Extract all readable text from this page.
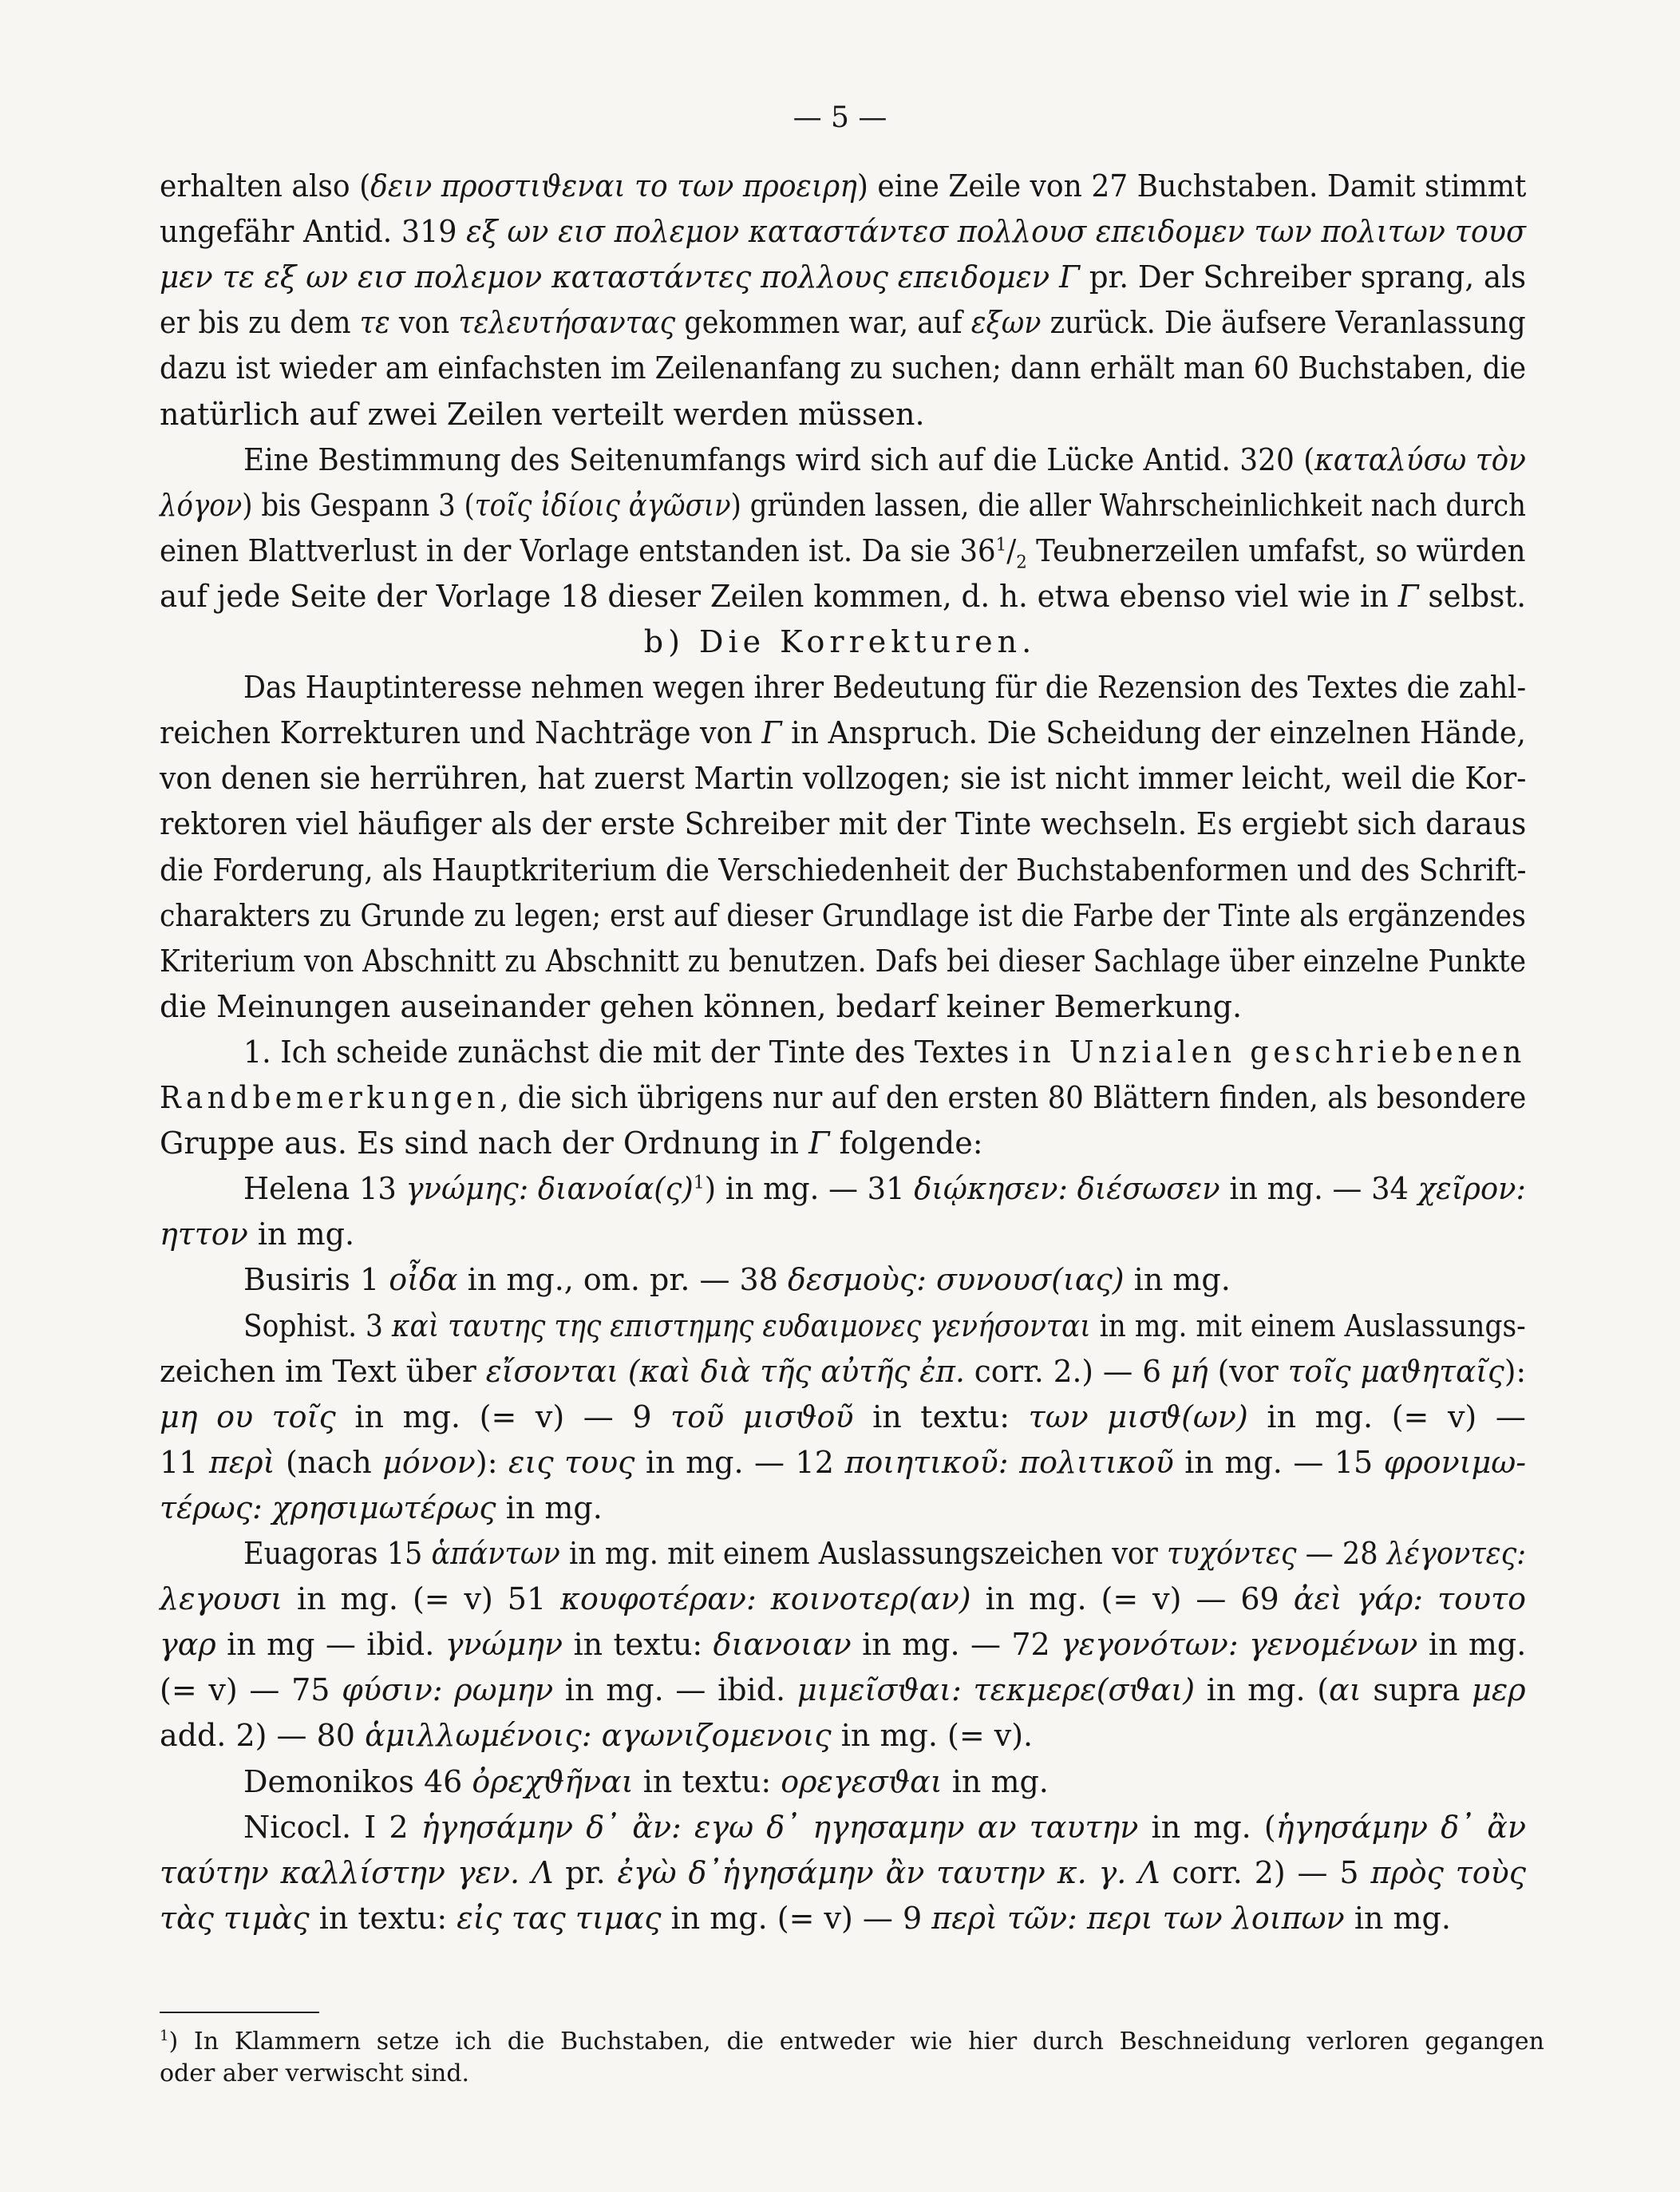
— 5 —
erhalten also (δειν προστιϑεναι το των προειρη) eine Zeile von 27 Buchstaben. Damit stimmt
ungefähr Antid. 319 εξ ων εισ πολεμον καταστάντεσ πολλουσ επειδομεν των πολιτων τουσ
μεν τε εξ ων εισ πολεμον καταστάντες πολλους επειδομεν Γ pr. Der Schreiber sprang, als
er bis zu dem τε von τελευτήσαντας gekommen war, auf εξων zurück. Die äufsere Veranlassung
dazu ist wieder am einfachsten im Zeilenanfang zu suchen; dann erhält man 60 Buchstaben, die
natürlich auf zwei Zeilen verteilt werden müssen.
Eine Bestimmung des Seitenumfangs wird sich auf die Lücke Antid. 320 (καταλύσω τὸν
λόγον) bis Gespann 3 (τοῖς ἰδίοις ἀγῶσιν) gründen lassen, die aller Wahrscheinlichkeit nach durch
einen Blattverlust in der Vorlage entstanden ist. Da sie $36^1/_2$ Teubnerzeilen umfafst, so würden
auf jede Seite der Vorlage 18 dieser Zeilen kommen, d. h. etwa ebenso viel wie in Γ selbst.
b) Die Korrekturen.
Das Hauptinteresse nehmen wegen ihrer Bedeutung für die Rezension des Textes die zahl-
reichen Korrekturen und Nachträge von Γ in Anspruch. Die Scheidung der einzelnen Hände,
von denen sie herrühren, hat zuerst Martin vollzogen; sie ist nicht immer leicht, weil die Kor-
rektoren viel häufiger als der erste Schreiber mit der Tinte wechseln. Es ergiebt sich daraus
die Forderung, als Hauptkriterium die Verschiedenheit der Buchstabenformen und des Schrift-
charakters zu Grunde zu legen; erst auf dieser Grundlage ist die Farbe der Tinte als ergänzendes
Kriterium von Abschnitt zu Abschnitt zu benutzen. Dafs bei dieser Sachlage über einzelne Punkte
die Meinungen auseinander gehen können, bedarf keiner Bemerkung.
1. Ich scheide zunächst die mit der Tinte des Textes in Unzialen geschriebenen
Randbemerkungen, die sich übrigens nur auf den ersten 80 Blättern finden, als besondere
Gruppe aus. Es sind nach der Ordnung in Γ folgende:
Helena 13 γνώμης: $\delta\iota\alpha\nu oί\alpha(\varsigma)^1$) in mg. — 31 διῴκησεν: διέσωσεν in mg. — 34 χεῖρον:
ηττον in mg.
Busiris 1 οἶδα in mg., om. pr. — 38 δεσμοὺς: συνουσ(ιας) in mg.
Sophist. 3 καὶ ταυτης της επιστημης ευδαιμονες γενήσονται in mg. mit einem Auslassungs-
zeichen im Text über εἴσονται (καὶ διὰ τῆς αὐτῆς ἐπ. corr. 2.) — 6 μή (vor τοῖς μαϑηταῖς):
μη ου τοῖς in mg. (= v) — 9 τοῦ μισϑοῦ in textu: των μισϑ(ων) in mg. (= v) —
11 περὶ (nach μόνον): εις τους in mg. — 12 ποιητικοῦ: πολιτικοῦ in mg. — 15 φρονιμω-
τέρως: χρησιμωτέρως in mg.
Euagoras 15 ἁπάντων in mg. mit einem Auslassungszeichen vor τυχόντες — 28 λέγοντες:
λεγουσι in mg. (= v) 51 κουφοτέραν: κοινοτερ(αν) in mg. (= v) — 69 ἀεὶ γάρ: τουτο
γαρ in mg — ibid. γνώμην in textu: διανοιαν in mg. — 72 γεγονότων: γενομένων in mg.
(= v) — 75 φύσιν: ρωμην in mg. — ibid. μιμεῖσϑαι: τεκμερε(σϑαι) in mg. (αι supra μερ
add. 2) — 80 ἁμιλλωμένοις: αγωνιζομενοις in mg. (= v).
Demonikos 46 ὀρεχϑῆναι in textu: ορεγεσϑαι in mg.
Nicocl. I 2 ἡγησάμην δ᾽ ἂν: εγω δ᾽ ηγησαμην αν ταυτην in mg. (ἡγησάμην δ᾽ ἂν
ταύτην καλλίστην γεν. Λ pr. ἐγὼ δ᾽ἡγησάμην ἂν ταυτην κ. γ. Λ corr. 2) — 5 πρὸς τοὺς
τὰς τιμὰς in textu: εἰς τας τιμας in mg. (= v) — 9 περὶ τῶν: περι των λοιπων in mg.
$^1$) In Klammern setze ich die Buchstaben, die entweder wie hier durch Beschneidung verloren gegangen
oder aber verwischt sind.
